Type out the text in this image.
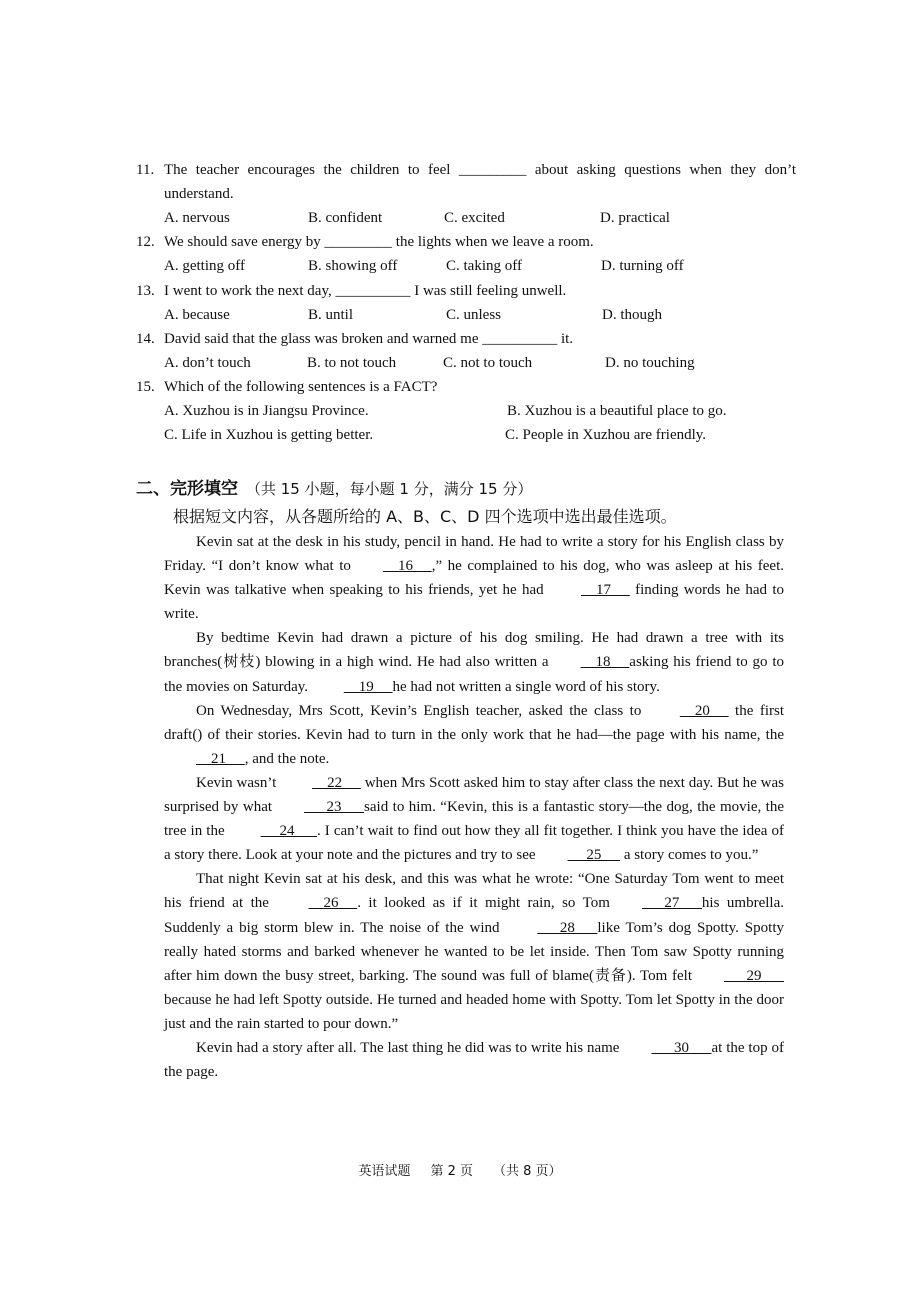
11. The teacher encourages the children to feel _________ about asking questions when they don’t understand.
A. nervous	B. confident	C. excited	D. practical
12. We should save energy by _________ the lights when we leave a room.
A. getting off	B. showing off	C. taking off	D. turning off
13. I went to work the next day, __________ I was still feeling unwell.
A. because	B. until	C. unless	D. though
14. David said that the glass was broken and warned me __________ it.
A. don’t touch	B. to not touch	C. not to touch	D. no touching
15. Which of the following sentences is a FACT?
A. Xuzhou is in Jiangsu Province.	B. Xuzhou is a beautiful place to go.
C. Life in Xuzhou is getting better.	C. People in Xuzhou are friendly.
二、完形填空 （共 15 小题，每小题 1 分，满分 15 分）
根据短文内容，从各题所给的 A、B、C、D 四个选项中选出最佳选项。

Kevin sat at the desk in his study, pencil in hand. He had to write a story for his English class by Friday. “I don’t know what to    16     ,” he complained to his dog, who was asleep at his feet. Kevin was talkative when speaking to his friends, yet he had     17      finding words he had to write.

By bedtime Kevin had drawn a picture of his dog smiling. He had drawn a tree with its branches(树枝) blowing in a high wind. He had also written a    18     asking his friend to go to the movies on Saturday.     19     he had not written a single word of his story.

On Wednesday, Mrs Scott, Kevin’s English teacher, asked the class to     20      the first draft() of their stories. Kevin had to turn in the only work that he had—the page with his name, the     21     , and the note.

Kevin wasn’t     22      when Mrs Scott asked him to stay after class the next day. But he was surprised by what      23      said to him. “Kevin, this is a fantastic story—the dog, the movie, the tree in the      24      . I can’t wait to find out how they all fit together. I think you have the idea of a story there. Look at your note and the pictures and try to see     25      a story comes to you.”

That night Kevin sat at his desk, and this was what he wrote: “One Saturday Tom went to meet his friend at the     26     . it looked as if it might rain, so Tom      27      his umbrella. Suddenly a big storm blew in. The noise of the wind       28      like Tom’s dog Spotty. Spotty really hated storms and barked whenever he wanted to be let inside. Then Tom saw Spotty running after him down the busy street, barking. The sound was full of blame(责备). Tom felt      29       because he had left Spotty outside. He turned and headed home with Spotty. Tom let Spotty in the door just and the rain started to pour down.”

Kevin had a story after all. The last thing he did was to write his name      30      at the top of the page.

英语试题 第 2 页 （共 8 页）
